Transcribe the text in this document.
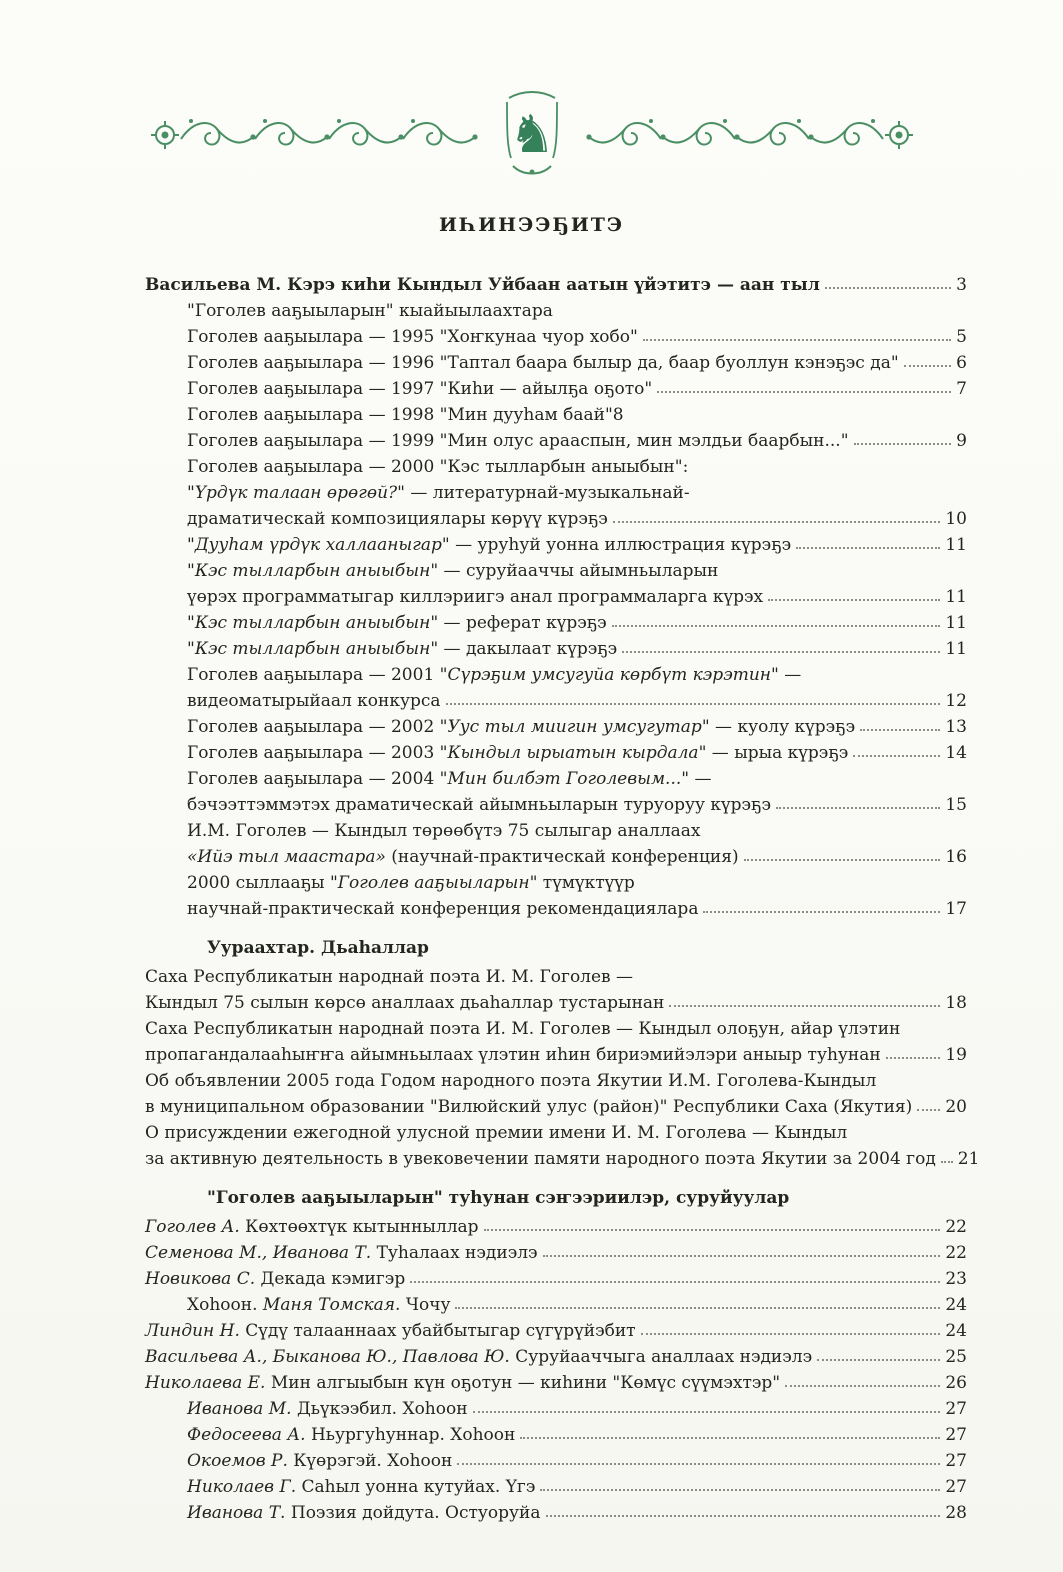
♞
ИҺИНЭЭҔИТЭ
Васильева М. Кэрэ киһи Кындыл Уйбаан аатын үйэтитэ — аан тыл	3
"Гоголев ааҕыыларын" кыайыылаахтара
Гоголев ааҕыылара — 1995 "Хоҥкунаа чуор хобо"	5
Гоголев ааҕыылара — 1996 "Таптал баара былыр да, баар буоллун кэнэҕэс да"	6
Гоголев ааҕыылара — 1997 "Киһи — айылҕа оҕото"	7
Гоголев ааҕыылара — 1998 "Мин дууһам баай"8
Гоголев ааҕыылара — 1999 "Мин олус арааспын, мин мэлдьи баарбын..."	9
Гоголев ааҕыылара — 2000 "Кэс тылларбын аныыбын":
"Үрдүк талаан өрөгөй?" — литературнай-музыкальнай-
драматическай композициялары көрүү күрэҕэ	10
"Дууһам үрдүк халлааныгар" — уруһуй уонна иллюстрация күрэҕэ	11
"Кэс тылларбын аныыбын" — суруйааччы айымньыларын
үөрэх программатыгар киллэриигэ анал программаларга күрэх	11
"Кэс тылларбын аныыбын" — реферат күрэҕэ	11
"Кэс тылларбын аныыбын" — дакылаат күрэҕэ	11
Гоголев ааҕыылара — 2001 "Сүрэҕим умсугуйа көрбүт кэрэтин" —
видеоматырыйаал конкурса	12
Гоголев ааҕыылара — 2002 "Уус тыл миигин умсугутар" — куолу күрэҕэ	13
Гоголев ааҕыылара — 2003 "Кындыл ырыатын кырдала" — ырыа күрэҕэ	14
Гоголев ааҕыылара — 2004 "Мин билбэт Гоголевым..." —
бэчээттэммэтэх драматическай айымньыларын туруоруу күрэҕэ	15
И.М. Гоголев — Кындыл төрөөбүтэ 75 сылыгар аналлаах
«Ийэ тыл маастара» (научнай-практическай конференция)	16
2000 сыллааҕы "Гоголев ааҕыыларын" түмүктүүр
научнай-практическай конференция рекомендациялара	17
Уураахтар. Дьаһаллар
Саха Республикатын народнай поэта И. М. Гоголев —
Кындыл 75 сылын көрсө аналлаах дьаһаллар тустарынан	18
Саха Республикатын народнай поэта И. М. Гоголев — Кындыл олоҕун, айар үлэтин
пропагандалааһыҥҥа айымньылаах үлэтин иһин бириэмийэлэри аныыр туһунан	19
Об объявлении 2005 года Годом народного поэта Якутии И.М. Гоголева-Кындыл
в муниципальном образовании "Вилюйский улус (район)" Республики Саха (Якутия) 20
О присуждении ежегодной улусной премии имени И. М. Гоголева — Кындыл
за активную деятельность в увековечении памяти народного поэта Якутии за 2004 год 21
"Гоголев ааҕыыларын" туһунан сэҥээриилэр, суруйуулар
Гоголев А. Көхтөөхтүк кытынныллар	22
Семенова М., Иванова Т. Туһалаах нэдиэлэ	22
Новикова С. Декада кэмигэр	23
Хоһоон. Маня Томская. Чочу	24
Линдин Н. Сүдү талааннаах убайбытыгар сүгүрүйэбит	24
Васильева А., Быканова Ю., Павлова Ю. Суруйааччыга аналлаах нэдиэлэ	25
Николаева Е. Мин алгыыбын күн оҕотун — киһини "Көмүс сүүмэхтэр"	26
Иванова М. Дьүкээбил. Хоһоон	27
Федосеева А. Ньургуһуннар. Хоһоон	27
Окоемов Р. Күөрэгэй. Хоһоон	27
Николаев Г. Саһыл уонна кутуйах. Үгэ	27
Иванова Т. Поэзия дойдута. Остуоруйа	28
